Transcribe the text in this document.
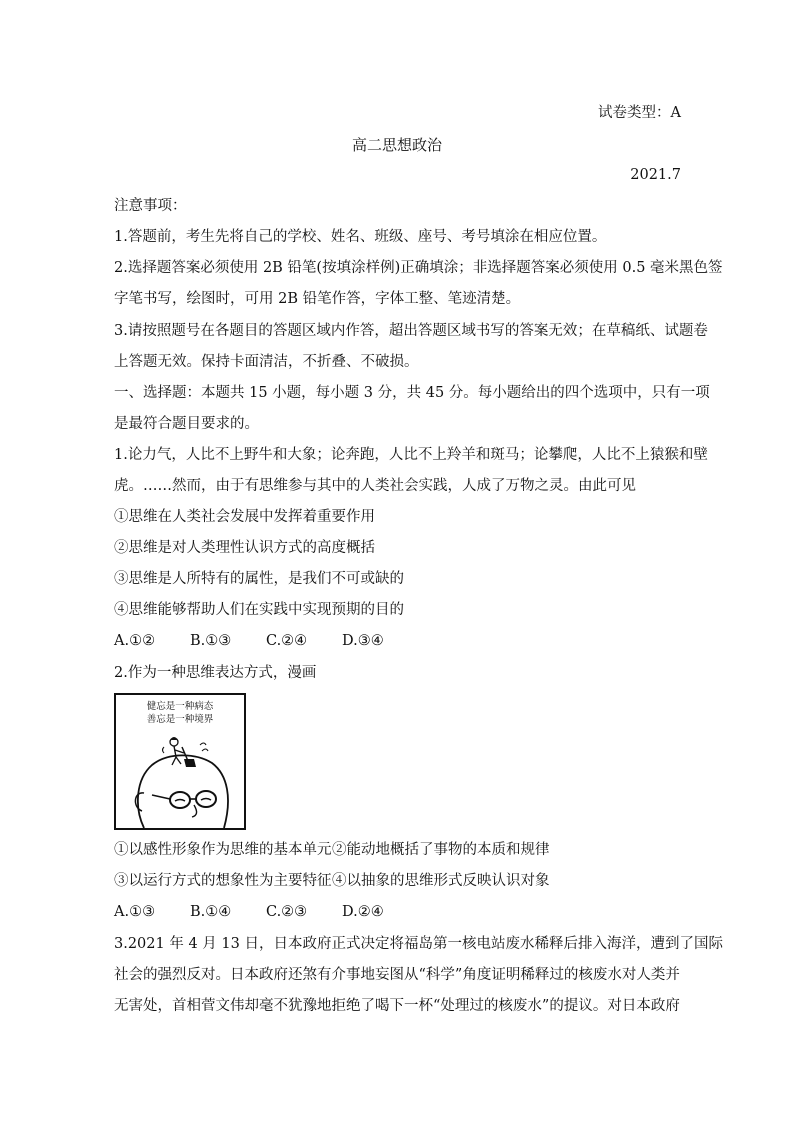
试卷类型：A
高二思想政治
2021.7
注意事项：
1.答题前，考生先将自己的学校、姓名、班级、座号、考号填涂在相应位置。
2.选择题答案必须使用 2B 铅笔(按填涂样例)正确填涂；非选择题答案必须使用 0.5 毫米黑色签
字笔书写，绘图时，可用 2B 铅笔作答，字体工整、笔迹清楚。
3.请按照题号在各题目的答题区域内作答，超出答题区域书写的答案无效；在草稿纸、试题卷
上答题无效。保持卡面清洁，不折叠、不破损。
一、选择题：本题共 15 小题，每小题 3 分，共 45 分。每小题给出的四个选项中，只有一项
是最符合题目要求的。
1.论力气，人比不上野牛和大象；论奔跑，人比不上羚羊和斑马；论攀爬，人比不上猿猴和壁
虎。……然而，由于有思维参与其中的人类社会实践，人成了万物之灵。由此可见
①思维在人类社会发展中发挥着重要作用
②思维是对人类理性认识方式的高度概括
③思维是人所特有的属性，是我们不可或缺的
④思维能够帮助人们在实践中实现预期的目的
A.①② B.①③ C.②④ D.③④
2.作为一种思维表达方式，漫画
健忘是一种病态
善忘是一种境界
①以感性形象作为思维的基本单元②能动地概括了事物的本质和规律
③以运行方式的想象性为主要特征④以抽象的思维形式反映认识对象
A.①③ B.①④ C.②③ D.②④
3.2021 年 4 月 13 日，日本政府正式决定将福岛第一核电站废水稀释后排入海洋，遭到了国际
社会的强烈反对。日本政府还煞有介事地妄图从“科学”角度证明稀释过的核废水对人类并
无害处，首相菅文伟却毫不犹豫地拒绝了喝下一杯“处理过的核废水”的提议。对日本政府
